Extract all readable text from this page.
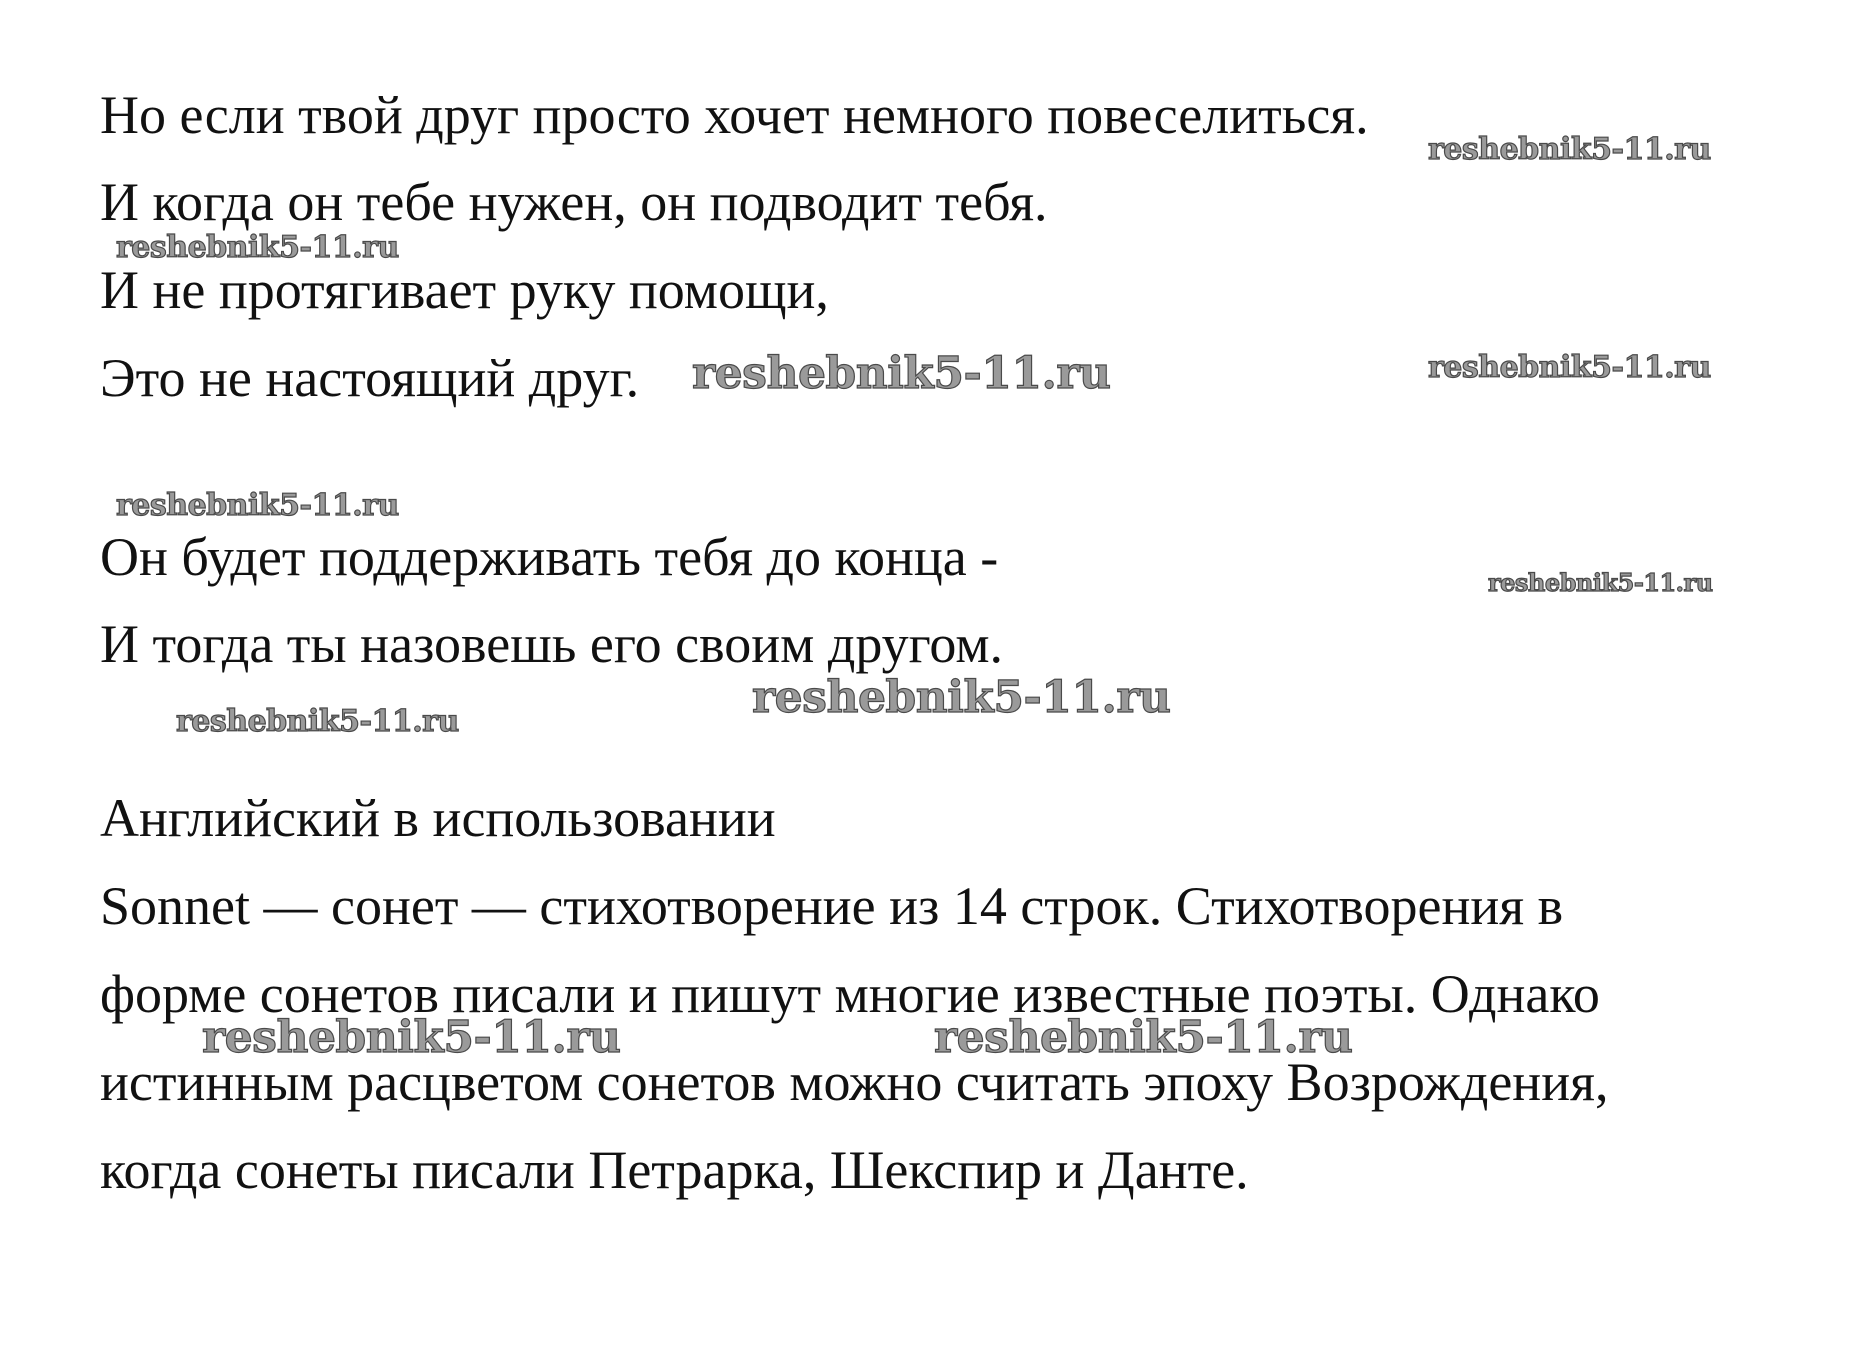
Но если твой друг просто хочет немного повеселиться.
И когда он тебе нужен, он подводит тебя.
И не протягивает руку помощи,
Это не настоящий друг.
Он будет поддерживать тебя до конца -
И тогда ты назовешь его своим другом.
Английский в использовании
Sonnet — сонет — стихотворение из 14 строк. Стихотворения в
форме сонетов писали и пишут многие известные поэты. Однако
истинным расцветом сонетов можно считать эпоху Возрождения,
когда сонеты писали Петрарка, Шекспир и Данте.
reshebnik5-11.ru
reshebnik5-11.ru
reshebnik5-11.ru	reshebnik5-11.ru
reshebnik5-11.ru
reshebnik5-11.ru
reshebnik5-11.ru
reshebnik5-11.ru
reshebnik5-11.ru	reshebnik5-11.ru
